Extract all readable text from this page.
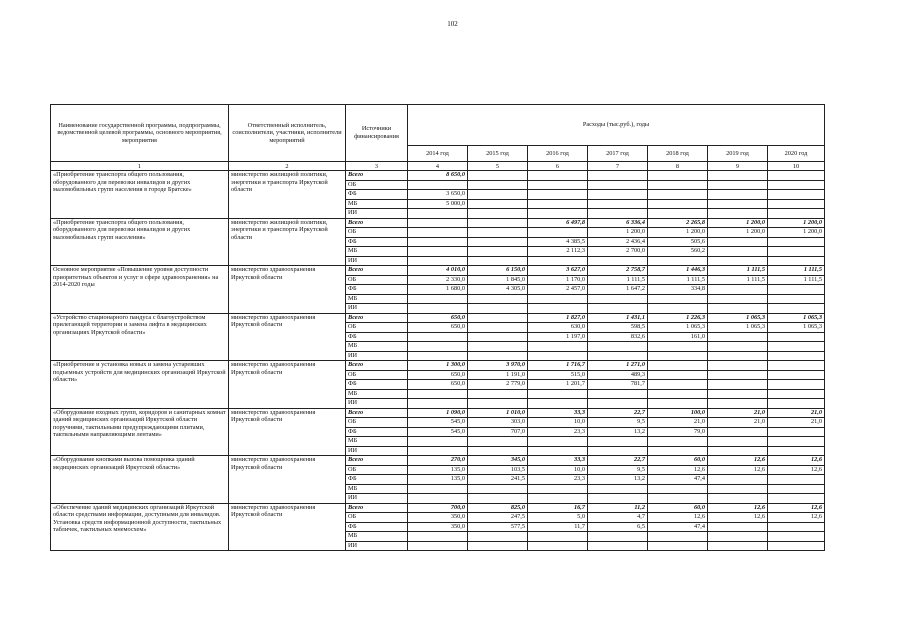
102
Наименование государственной программы, подпрограммы, ведомственной целевой программы, основного мероприятия, мероприятия	Ответственный исполнитель, соисполнители, участники, исполнители мероприятий	Источники финансирования	Расходы (тыс.руб.), годы						
			2014 год	2015 год	2016 год	2017 год	2018 год	2019 год	2020 год
1	2	3	4	5	6	7	8	9	10
«Приобретение транспорта общего пользования, оборудованного для перевозки инвалидов и других маломобильных групп населения в городе Братске»	министерство жилищной политики, энергетики и транспорта Иркутской области	Всего	8 650,0						
		ОБ							
		ФБ	3 650,0						
		МБ	5 000,0						
		ИИ							
«Приобретение транспорта общего пользования, оборудованного для перевозки инвалидов и других маломобильных групп населения»	министерство жилищной политики, энергетики и транспорта Иркутской области	Всего			6 497,8	6 336,4	2 265,8	1 200,0	1 200,0
		ОБ				1 200,0	1 200,0	1 200,0	1 200,0
		ФБ			4 385,5	2 436,4	505,6		
		МБ			2 112,3	2 700,0	560,2		
		ИИ							
Основное мероприятие «Повышение уровня доступности приоритетных объектов и услуг в сфере здравоохранения» на 2014-2020 годы	министерство здравоохранения Иркутской области	Всего	4 010,0	6 150,0	3 627,0	2 758,7	1 446,3	1 111,5	1 111,5
		ОБ	2 330,0	1 845,0	1 170,0	1 111,5	1 111,5	1 111,5	1 111,5
		ФБ	1 680,0	4 305,0	2 457,0	1 647,2	334,8		
		МБ							
		ИИ							
«Устройство стационарного пандуса с благоустройством прилегающей территории и замена лифта в медицинских организациях Иркутской области»	министерство здравоохранения Иркутской области	Всего	650,0		1 827,0	1 431,1	1 226,3	1 065,3	1 065,3
		ОБ	650,0		630,0	598,5	1 065,3	1 065,3	1 065,3
		ФБ			1 197,0	832,6	161,0		
		МБ							
		ИИ							
«Приобретение и установка новых и замена устаревших подъемных устройств для медицинских организаций Иркутской области»	министерство здравоохранения Иркутской области	Всего	1 300,0	3 970,0	1 716,7	1 271,0			
		ОБ	650,0	1 191,0	515,0	489,3			
		ФБ	650,0	2 779,0	1 201,7	781,7			
		МБ							
		ИИ							
«Оборудование входных групп, коридоров и санитарных комнат зданий медицинских организаций Иркутской области поручнями, тактильными предупреждающими плитами, тактильными направляющими лентами»	министерство здравоохранения Иркутской области	Всего	1 090,0	1 010,0	33,3	22,7	100,0	21,0	21,0
		ОБ	545,0	303,0	10,0	9,5	21,0	21,0	21,0
		ФБ	545,0	707,0	23,3	13,2	79,0		
		МБ							
		ИИ							
«Оборудование кнопками вызова помощника зданий медицинских организаций Иркутской области»	министерство здравоохранения Иркутской области	Всего	270,0	345,0	33,3	22,7	60,0	12,6	12,6
		ОБ	135,0	103,5	10,0	9,5	12,6	12,6	12,6
		ФБ	135,0	241,5	23,3	13,2	47,4		
		МБ							
		ИИ							
«Обеспечение зданий медицинских организаций Иркутской области средствами информации, доступными для инвалидов. Установка средств информационной доступности, тактильных табличек, тактильных мнемосхем»	министерство здравоохранения Иркутской области	Всего	700,0	825,0	16,7	11,2	60,0	12,6	12,6
		ОБ	350,0	247,5	5,0	4,7	12,6	12,6	12,6
		ФБ	350,0	577,5	11,7	6,5	47,4		
		МБ							
		ИИ							
